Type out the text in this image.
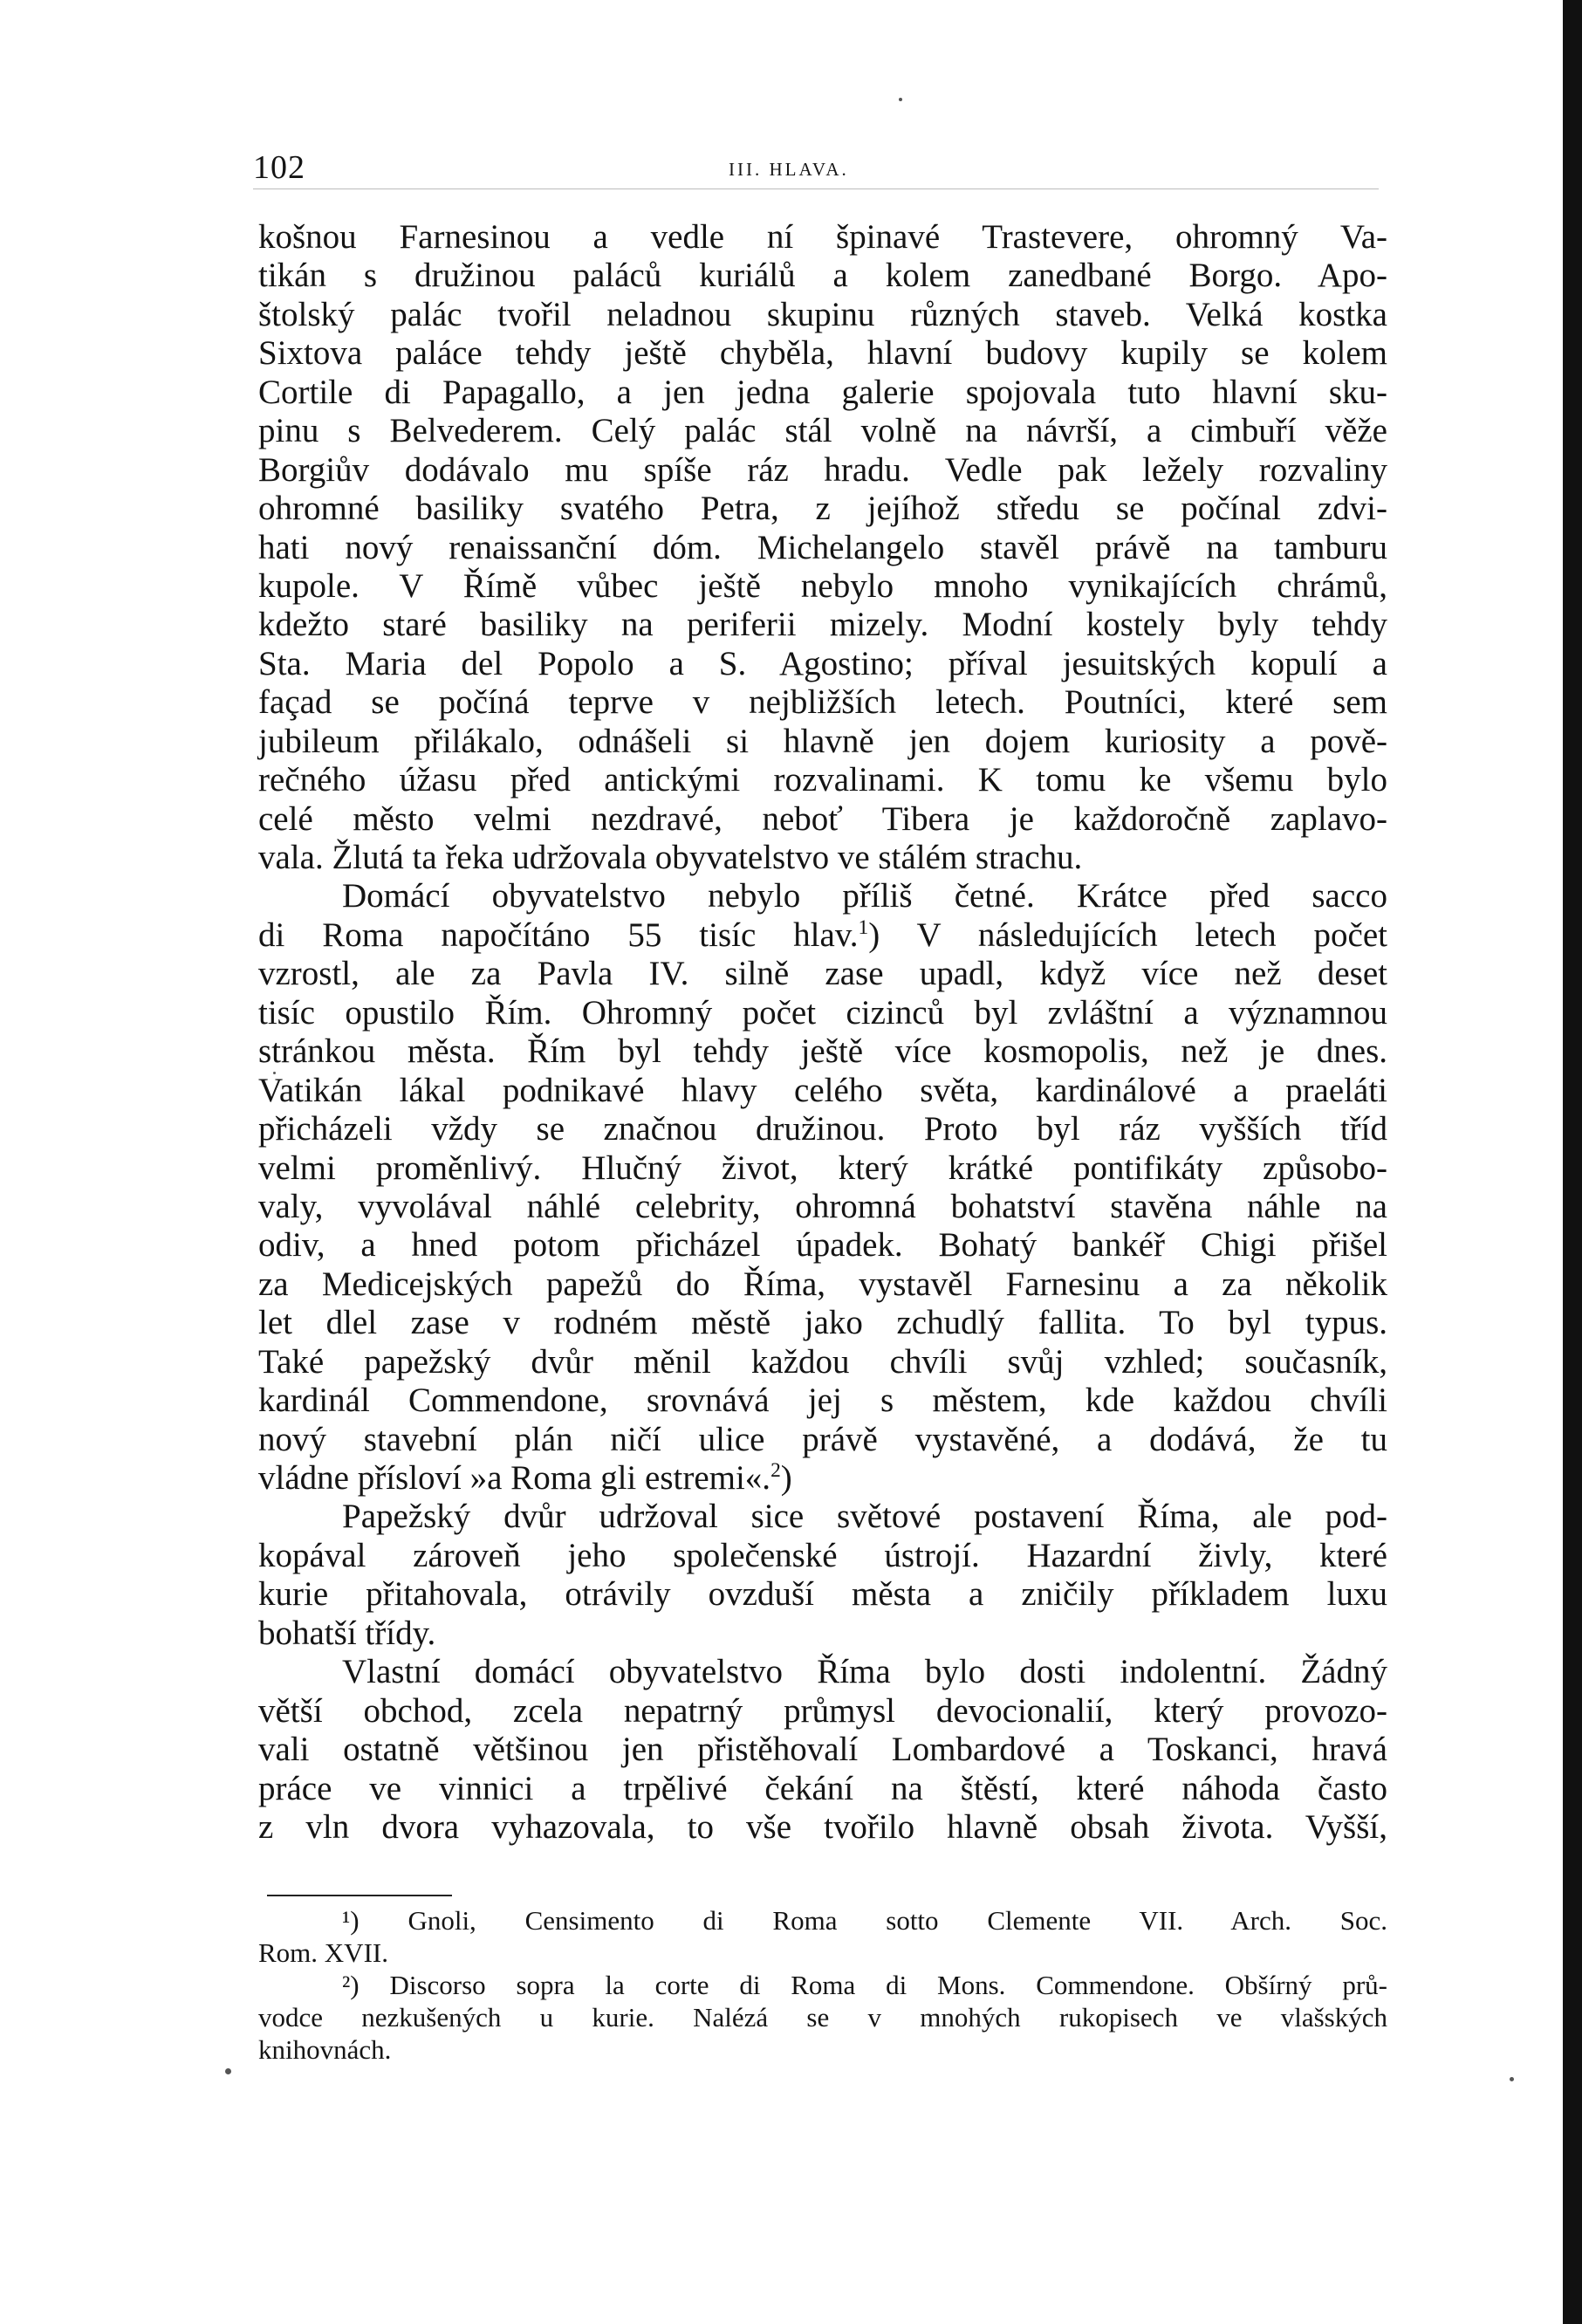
102	III. HLAVA.
košnou Farnesinou a vedle ní špinavé Trastevere, ohromný Va-
tikán s družinou paláců kuriálů a kolem zanedbané Borgo. Apo-
štolský palác tvořil neladnou skupinu různých staveb. Velká kostka
Sixtova paláce tehdy ještě chyběla, hlavní budovy kupily se kolem
Cortile di Papagallo, a jen jedna galerie spojovala tuto hlavní sku-
pinu s Belvederem. Celý palác stál volně na návrší, a cimbuří věže
Borgiův dodávalo mu spíše ráz hradu. Vedle pak ležely rozvaliny
ohromné basiliky svatého Petra, z jejíhož středu se počínal zdvi-
hati nový renaissanční dóm. Michelangelo stavěl právě na tamburu
kupole. V Římě vůbec ještě nebylo mnoho vynikajících chrámů,
kdežto staré basiliky na periferii mizely. Modní kostely byly tehdy
Sta. Maria del Popolo a S. Agostino; příval jesuitských kopulí a
façad se počíná teprve v nejbližších letech. Poutníci, které sem
jubileum přilákalo, odnášeli si hlavně jen dojem kuriosity a pově-
rečného úžasu před antickými rozvalinami. K tomu ke všemu bylo
celé město velmi nezdravé, neboť Tibera je každoročně zaplavo-
vala. Žlutá ta řeka udržovala obyvatelstvo ve stálém strachu.
Domácí obyvatelstvo nebylo příliš četné. Krátce před sacco
di Roma napočítáno 55 tisíc hlav.$^1$) V následujících letech počet
vzrostl, ale za Pavla IV. silně zase upadl, když více než deset
tisíc opustilo Řím. Ohromný počet cizinců byl zvláštní a významnou
stránkou města. Řím byl tehdy ještě více kosmopolis, než je dnes.
Vatikán lákal podnikavé hlavy celého světa, kardinálové a praeláti
přicházeli vždy se značnou družinou. Proto byl ráz vyšších tříd
velmi proměnlivý. Hlučný život, který krátké pontifikáty způsobo-
valy, vyvolával náhlé celebrity, ohromná bohatství stavěna náhle na
odiv, a hned potom přicházel úpadek. Bohatý bankéř Chigi přišel
za Medicejských papežů do Říma, vystavěl Farnesinu a za několik
let dlel zase v rodném městě jako zchudlý fallita. To byl typus.
Také papežský dvůr měnil každou chvíli svůj vzhled; současník,
kardinál Commendone, srovnává jej s městem, kde každou chvíli
nový stavební plán ničí ulice právě vystavěné, a dodává, že tu
vládne přísloví »a Roma gli estremi«.$^2$)
Papežský dvůr udržoval sice světové postavení Říma, ale pod-
kopával zároveň jeho společenské ústrojí. Hazardní živly, které
kurie přitahovala, otrávily ovzduší města a zničily příkladem luxu
bohatší třídy.
Vlastní domácí obyvatelstvo Říma bylo dosti indolentní. Žádný
větší obchod, zcela nepatrný průmysl devocionalií, který provozo-
vali ostatně většinou jen přistěhovalí Lombardové a Toskanci, hravá
práce ve vinnici a trpělivé čekání na štěstí, které náhoda často
z vln dvora vyhazovala, to vše tvořilo hlavně obsah života. Vyšší,
¹) Gnoli, Censimento di Roma sotto Clemente VII. Arch. Soc.
Rom. XVII.
²) Discorso sopra la corte di Roma di Mons. Commendone. Obšírný prů-
vodce nezkušených u kurie. Nalézá se v mnohých rukopisech ve vlašských
knihovnách.
